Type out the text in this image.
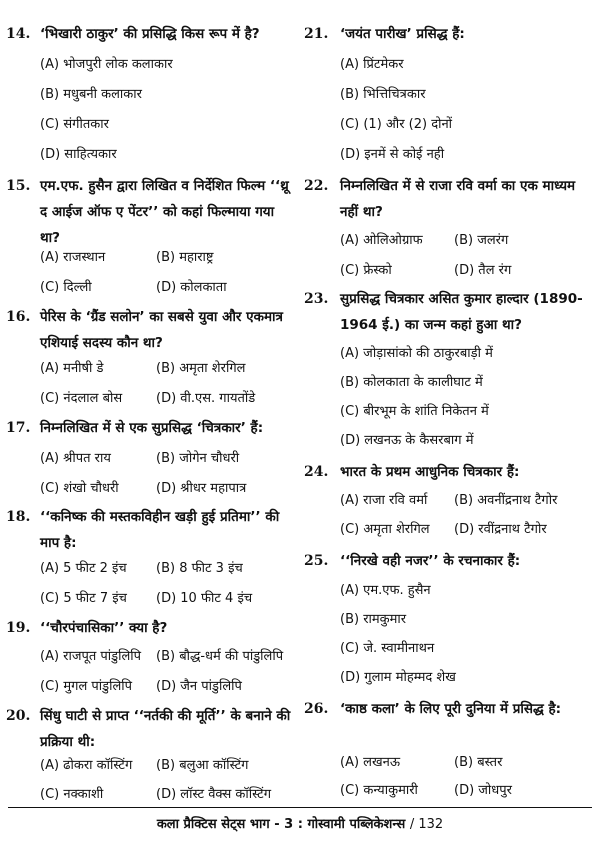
14. ‘भिखारी ठाकुर’ की प्रसिद्धि किस रूप में है?
(A) भोजपुरी लोक कलाकार
(B) मधुबनी कलाकार
(C) संगीतकार
(D) साहित्यकार
15. एम.एफ. हुसैन द्वारा लिखित व निर्देशित फिल्म ‘‘थ्रू द आईज ऑफ ए पेंटर’’ को कहां फिल्माया गया था?
(A) राजस्थान	(B) महाराष्ट्र
(C) दिल्ली	(D) कोलकाता
16. पेरिस के ‘ग्रैंड सलोन’ का सबसे युवा और एकमात्र एशियाई सदस्य कौन था?
(A) मनीषी डे	(B) अमृता शेरगिल
(C) नंदलाल बोस	(D) वी.एस. गायतोंडे
17. निम्नलिखित में से एक सुप्रसिद्ध ‘चित्रकार’ हैं:
(A) श्रीपत राय	(B) जोगेन चौधरी
(C) शंखो चौधरी	(D) श्रीधर महापात्र
18. ‘‘कनिष्क की मस्तकविहीन खड़ी हुई प्रतिमा’’ की माप है:
(A) 5 फीट 2 इंच (B) 8 फीट 3 इंच
(C) 5 फीट 7 इंच (D) 10 फीट 4 इंच
19. ‘‘चौरपंचासिका’’ क्या है?
(A) राजपूत पांडुलिपि (B) बौद्ध-धर्म की पांडुलिपि
(C) मुगल पांडुलिपि (D) जैन पांडुलिपि
20. सिंधु घाटी से प्राप्त ‘‘नर्तकी की मूर्ति’’ के बनाने की प्रक्रिया थी:
(A) ढोकरा कॉस्टिंग (B) बलुआ कॉस्टिंग
(C) नक्काशी	(D) लॉस्ट वैक्स कॉस्टिंग
21. ‘जयंत पारीख’ प्रसिद्ध हैं:
(A) प्रिंटमेकर
(B) भित्तिचित्रकार
(C) (1) और (2) दोनों
(D) इनमें से कोई नही
22. निम्नलिखित में से राजा रवि वर्मा का एक माध्यम नहीं था?
(A) ओलिओग्राफ (B) जलरंग
(C) फ्रेस्को	(D) तैल रंग
23. सुप्रसिद्ध चित्रकार असित कुमार हाल्दार (1890-1964 ई.) का जन्म कहां हुआ था?
(A) जोड़ासांको की ठाकुरबाड़ी में
(B) कोलकाता के कालीघाट में
(C) बीरभूम के शांति निकेतन में
(D) लखनऊ के कैसरबाग में
24. भारत के प्रथम आधुनिक चित्रकार हैं:
(A) राजा रवि वर्मा (B) अवनींद्रनाथ टैगोर
(C) अमृता शेरगिल (D) रवींद्रनाथ टैगोर
25. ‘‘निरखे वही नजर’’ के रचनाकार हैं:
(A) एम.एफ. हुसैन
(B) रामकुमार
(C) जे. स्वामीनाथन
(D) गुलाम मोहम्मद शेख
26. ‘काष्ठ कला’ के लिए पूरी दुनिया में प्रसिद्ध है:
(A) लखनऊ	(B) बस्तर
(C) कन्याकुमारी	(D) जोधपुर
कला प्रैक्टिस सेट्स भाग - 3 : गोस्वामी पब्लिकेशन्स / 132
